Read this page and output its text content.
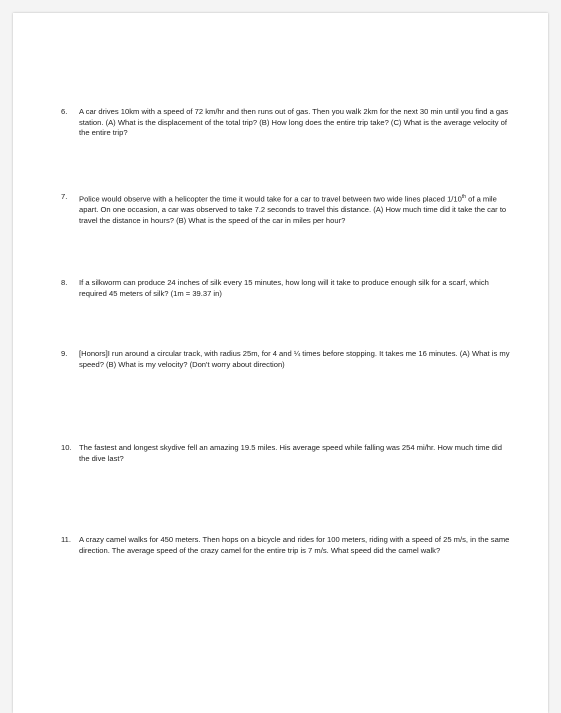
6.	A car drives 10km with a speed of 72 km/hr and then runs out of gas. Then you walk 2km for the next 30 min until you find a gas station. (A) What is the displacement of the total trip? (B) How long does the entire trip take? (C) What is the average velocity of the entire trip?
7.	Police would observe with a helicopter the time it would take for a car to travel between two wide lines placed 1/10th of a mile apart. On one occasion, a car was observed to take 7.2 seconds to travel this distance. (A) How much time did it take the car to travel the distance in hours? (B) What is the speed of the car in miles per hour?
8.	If a silkworm can produce 24 inches of silk every 15 minutes, how long will it take to produce enough silk for a scarf, which required 45 meters of silk? (1m = 39.37 in)
9.	[Honors]I run around a circular track, with radius 25m, for 4 and ¼ times before stopping. It takes me 16 minutes. (A) What is my speed? (B) What is my velocity? (Don't worry about direction)
10. The fastest and longest skydive fell an amazing 19.5 miles. His average speed while falling was 254 mi/hr. How much time did the dive last?
11.	A crazy camel walks for 450 meters. Then hops on a bicycle and rides for 100 meters, riding with a speed of 25 m/s, in the same direction. The average speed of the crazy camel for the entire trip is 7 m/s. What speed did the camel walk?
